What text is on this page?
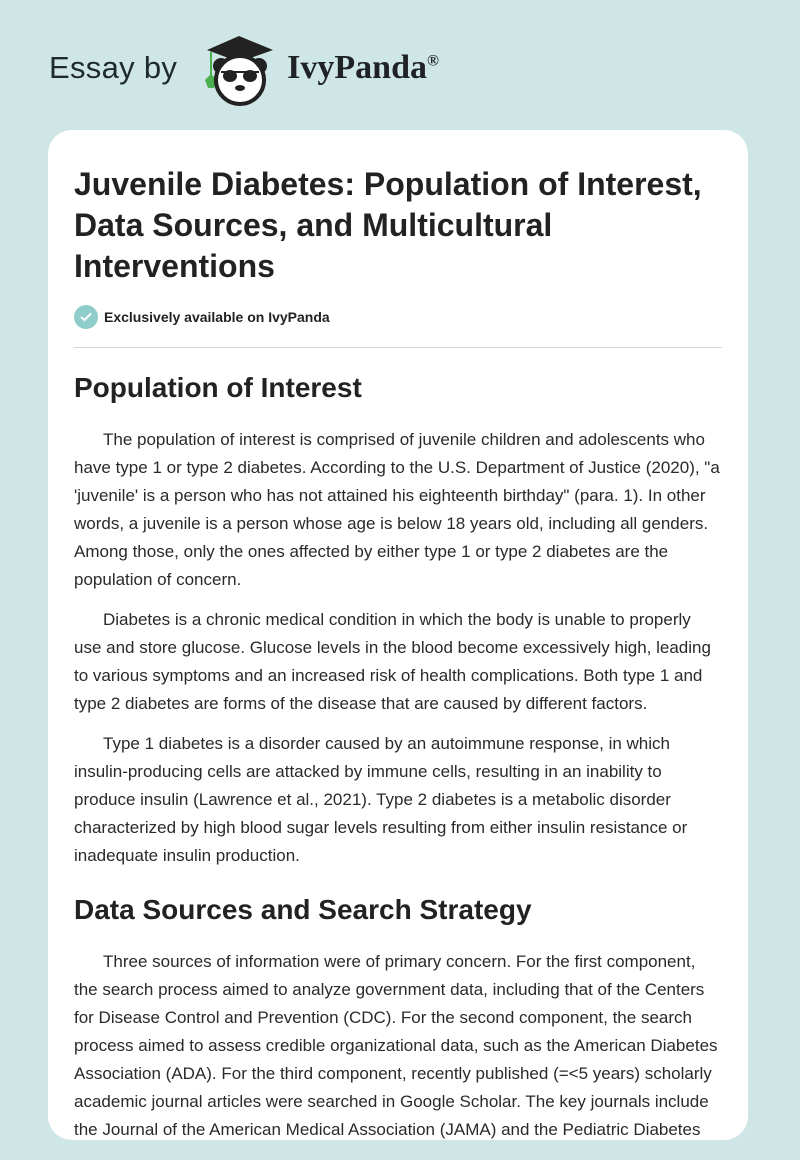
Essay by	IvyPanda®
Juvenile Diabetes: Population of Interest, Data Sources, and Multicultural Interventions
Exclusively available on IvyPanda
Population of Interest

The population of interest is comprised of juvenile children and adolescents who have type 1 or type 2 diabetes. According to the U.S. Department of Justice (2020), "a 'juvenile' is a person who has not attained his eighteenth birthday" (para. 1). In other words, a juvenile is a person whose age is below 18 years old, including all genders. Among those, only the ones affected by either type 1 or type 2 diabetes are the population of concern.

Diabetes is a chronic medical condition in which the body is unable to properly use and store glucose. Glucose levels in the blood become excessively high, leading to various symptoms and an increased risk of health complications. Both type 1 and type 2 diabetes are forms of the disease that are caused by different factors.

Type 1 diabetes is a disorder caused by an autoimmune response, in which insulin-producing cells are attacked by immune cells, resulting in an inability to produce insulin (Lawrence et al., 2021). Type 2 diabetes is a metabolic disorder characterized by high blood sugar levels resulting from either insulin resistance or inadequate insulin production.

Data Sources and Search Strategy

Three sources of information were of primary concern. For the first component, the search process aimed to analyze government data, including that of the Centers for Disease Control and Prevention (CDC). For the second component, the search process aimed to assess credible organizational data, such as the American Diabetes Association (ADA). For the third component, recently published (=<5 years) scholarly academic journal articles were searched in Google Scholar. The key journals include the Journal of the American Medical Association (JAMA) and the Pediatric Diabetes
